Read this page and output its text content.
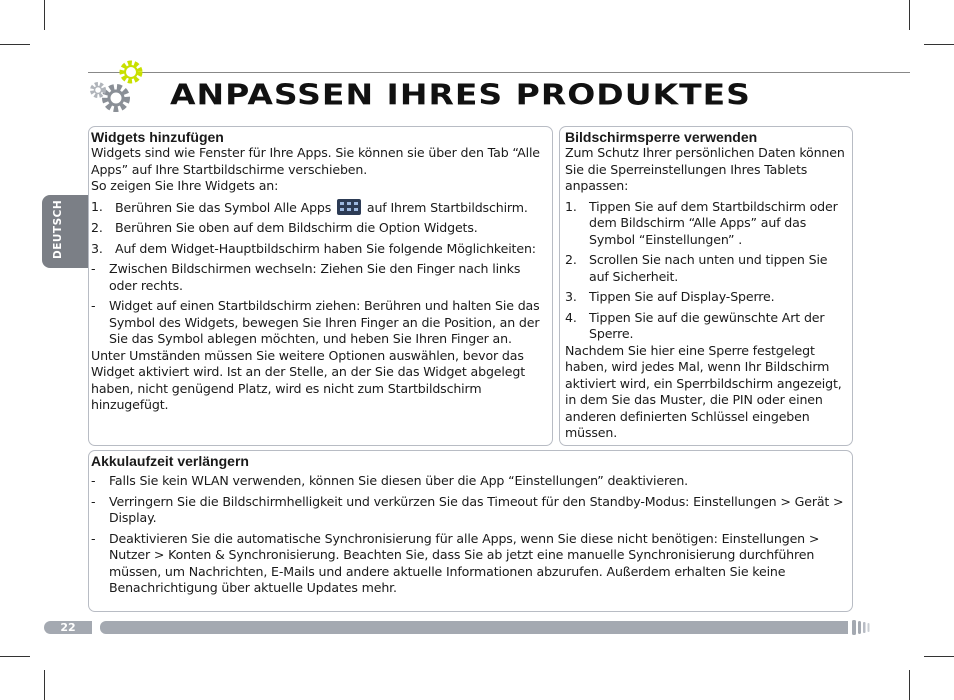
ANPASSEN IHRES PRODUKTES
DEUTSCH
Widgets hinzufügen

Widgets sind wie Fenster für Ihre Apps. Sie können sie über den Tab “Alle Apps” auf Ihre Startbildschirme verschieben.

So zeigen Sie Ihre Widgets an:

1. Berühren Sie das Symbol Alle Apps	auf Ihrem Startbildschirm.
2. Berühren Sie oben auf dem Bildschirm die Option Widgets.
3. Auf dem Widget-Hauptbildschirm haben Sie folgende Möglichkeiten:
- Zwischen Bildschirmen wechseln: Ziehen Sie den Finger nach links oder rechts.
- Widget auf einen Startbildschirm ziehen: Berühren und halten Sie das Symbol des Widgets, bewegen Sie Ihren Finger an die Position, an der Sie das Symbol ablegen möchten, und heben Sie Ihren Finger an.

Unter Umständen müssen Sie weitere Optionen auswählen, bevor das Widget aktiviert wird. Ist an der Stelle, an der Sie das Widget abgelegt haben, nicht genügend Platz, wird es nicht zum Startbildschirm hinzugefügt.

Bildschirmsperre verwenden

Zum Schutz Ihrer persönlichen Daten können Sie die Sperreinstellungen Ihres Tablets anpassen:

1. Tippen Sie auf dem Startbildschirm oder dem Bildschirm “Alle Apps” auf das Symbol “Einstellungen” .
2. Scrollen Sie nach unten und tippen Sie auf Sicherheit.
3. Tippen Sie auf Display-Sperre.
4. Tippen Sie auf die gewünschte Art der Sperre.

Nachdem Sie hier eine Sperre festgelegt haben, wird jedes Mal, wenn Ihr Bildschirm aktiviert wird, ein Sperrbildschirm angezeigt, in dem Sie das Muster, die PIN oder einen anderen definierten Schlüssel eingeben müssen.

Akkulaufzeit verlängern
- Falls Sie kein WLAN verwenden, können Sie diesen über die App “Einstellungen” deaktivieren.
- Verringern Sie die Bildschirmhelligkeit und verkürzen Sie das Timeout für den Standby-Modus: Einstellungen > Gerät > Display.
- Deaktivieren Sie die automatische Synchronisierung für alle Apps, wenn Sie diese nicht benötigen: Einstellungen > Nutzer > Konten & Synchronisierung. Beachten Sie, dass Sie ab jetzt eine manuelle Synchronisierung durchführen müssen, um Nachrichten, E-Mails und andere aktuelle Informationen abzurufen. Außerdem erhalten Sie keine Benachrichtigung über aktuelle Updates mehr.
22
